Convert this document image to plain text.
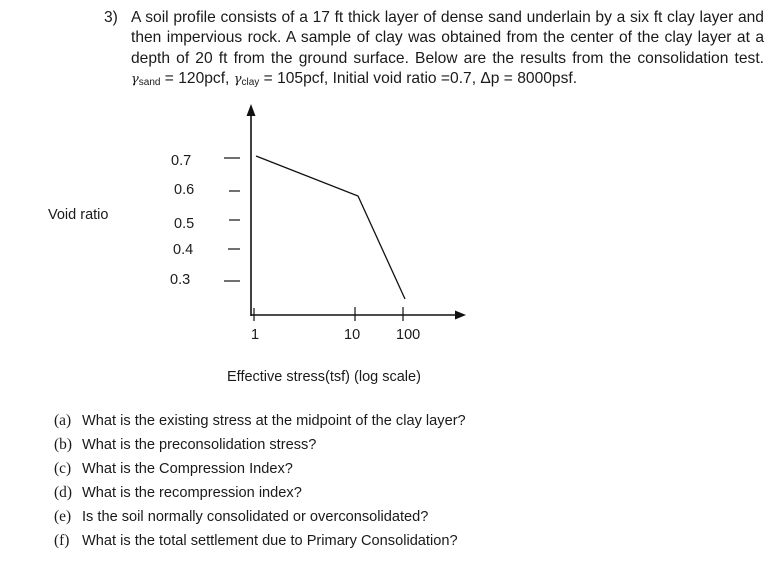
3) A soil profile consists of a 17 ft thick layer of dense sand underlain by a six ft clay layer and then impervious rock. A sample of clay was obtained from the center of the clay layer at a depth of 20 ft from the ground surface. Below are the results from the consolidation test. $\gamma_{sand} = 120pcf$, $\gamma_{clay} = 105pcf$, Initial void ratio =0.7, Δp = 8000psf.
Void ratio
0.7
0.6
0.5
0.4
0.3
1	10 100
Effective stress(tsf) (log scale)
(a) What is the existing stress at the midpoint of the clay layer?
(b) What is the preconsolidation stress?
(c) What is the Compression Index?
(d) What is the recompression index?
(e) Is the soil normally consolidated or overconsolidated?
(f) What is the total settlement due to Primary Consolidation?
